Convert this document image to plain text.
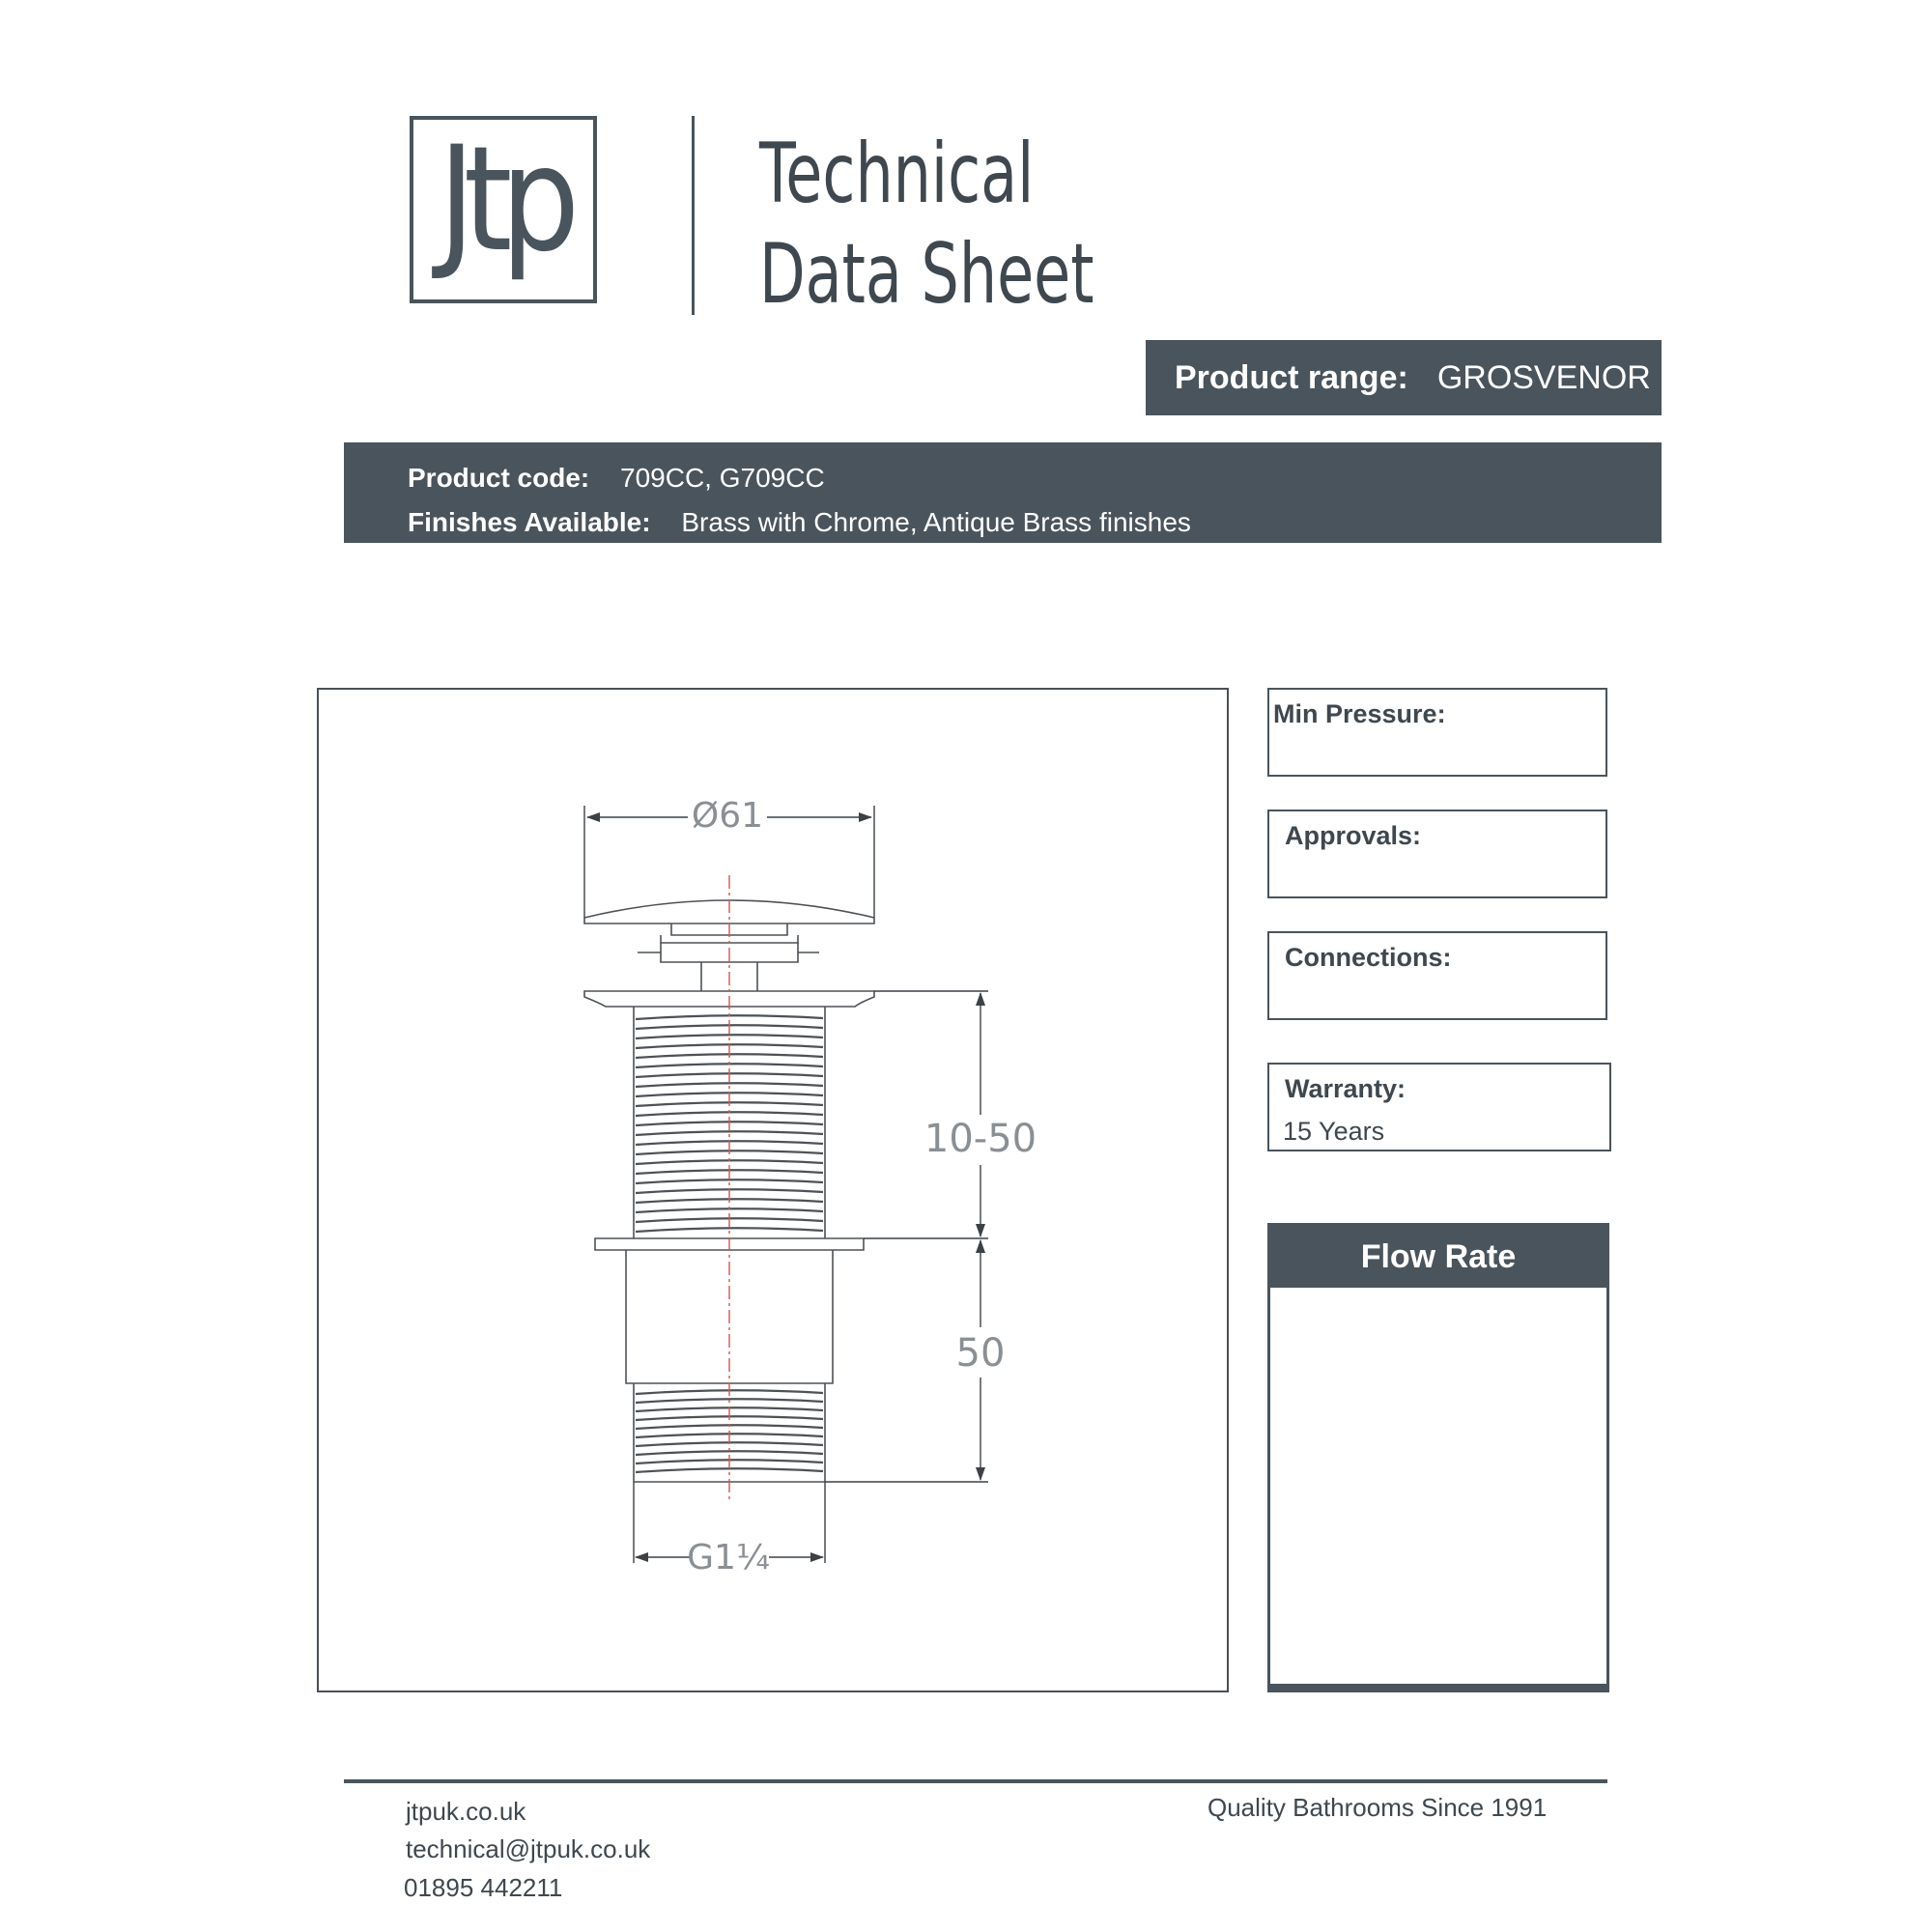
Jtp Technical
Data Sheet
Product range: GROSVENOR
Product code: 709CC, G709CC
Finishes Available: Brass with Chrome, Antique Brass finishes
Ø61
10-50
50
G1¼
Min Pressure:
Approvals:
Connections:
Warranty:
15 Years
Flow Rate
jtpuk.co.uk
technical@jtpuk.co.uk
01895 442211
Quality Bathrooms Since 1991
